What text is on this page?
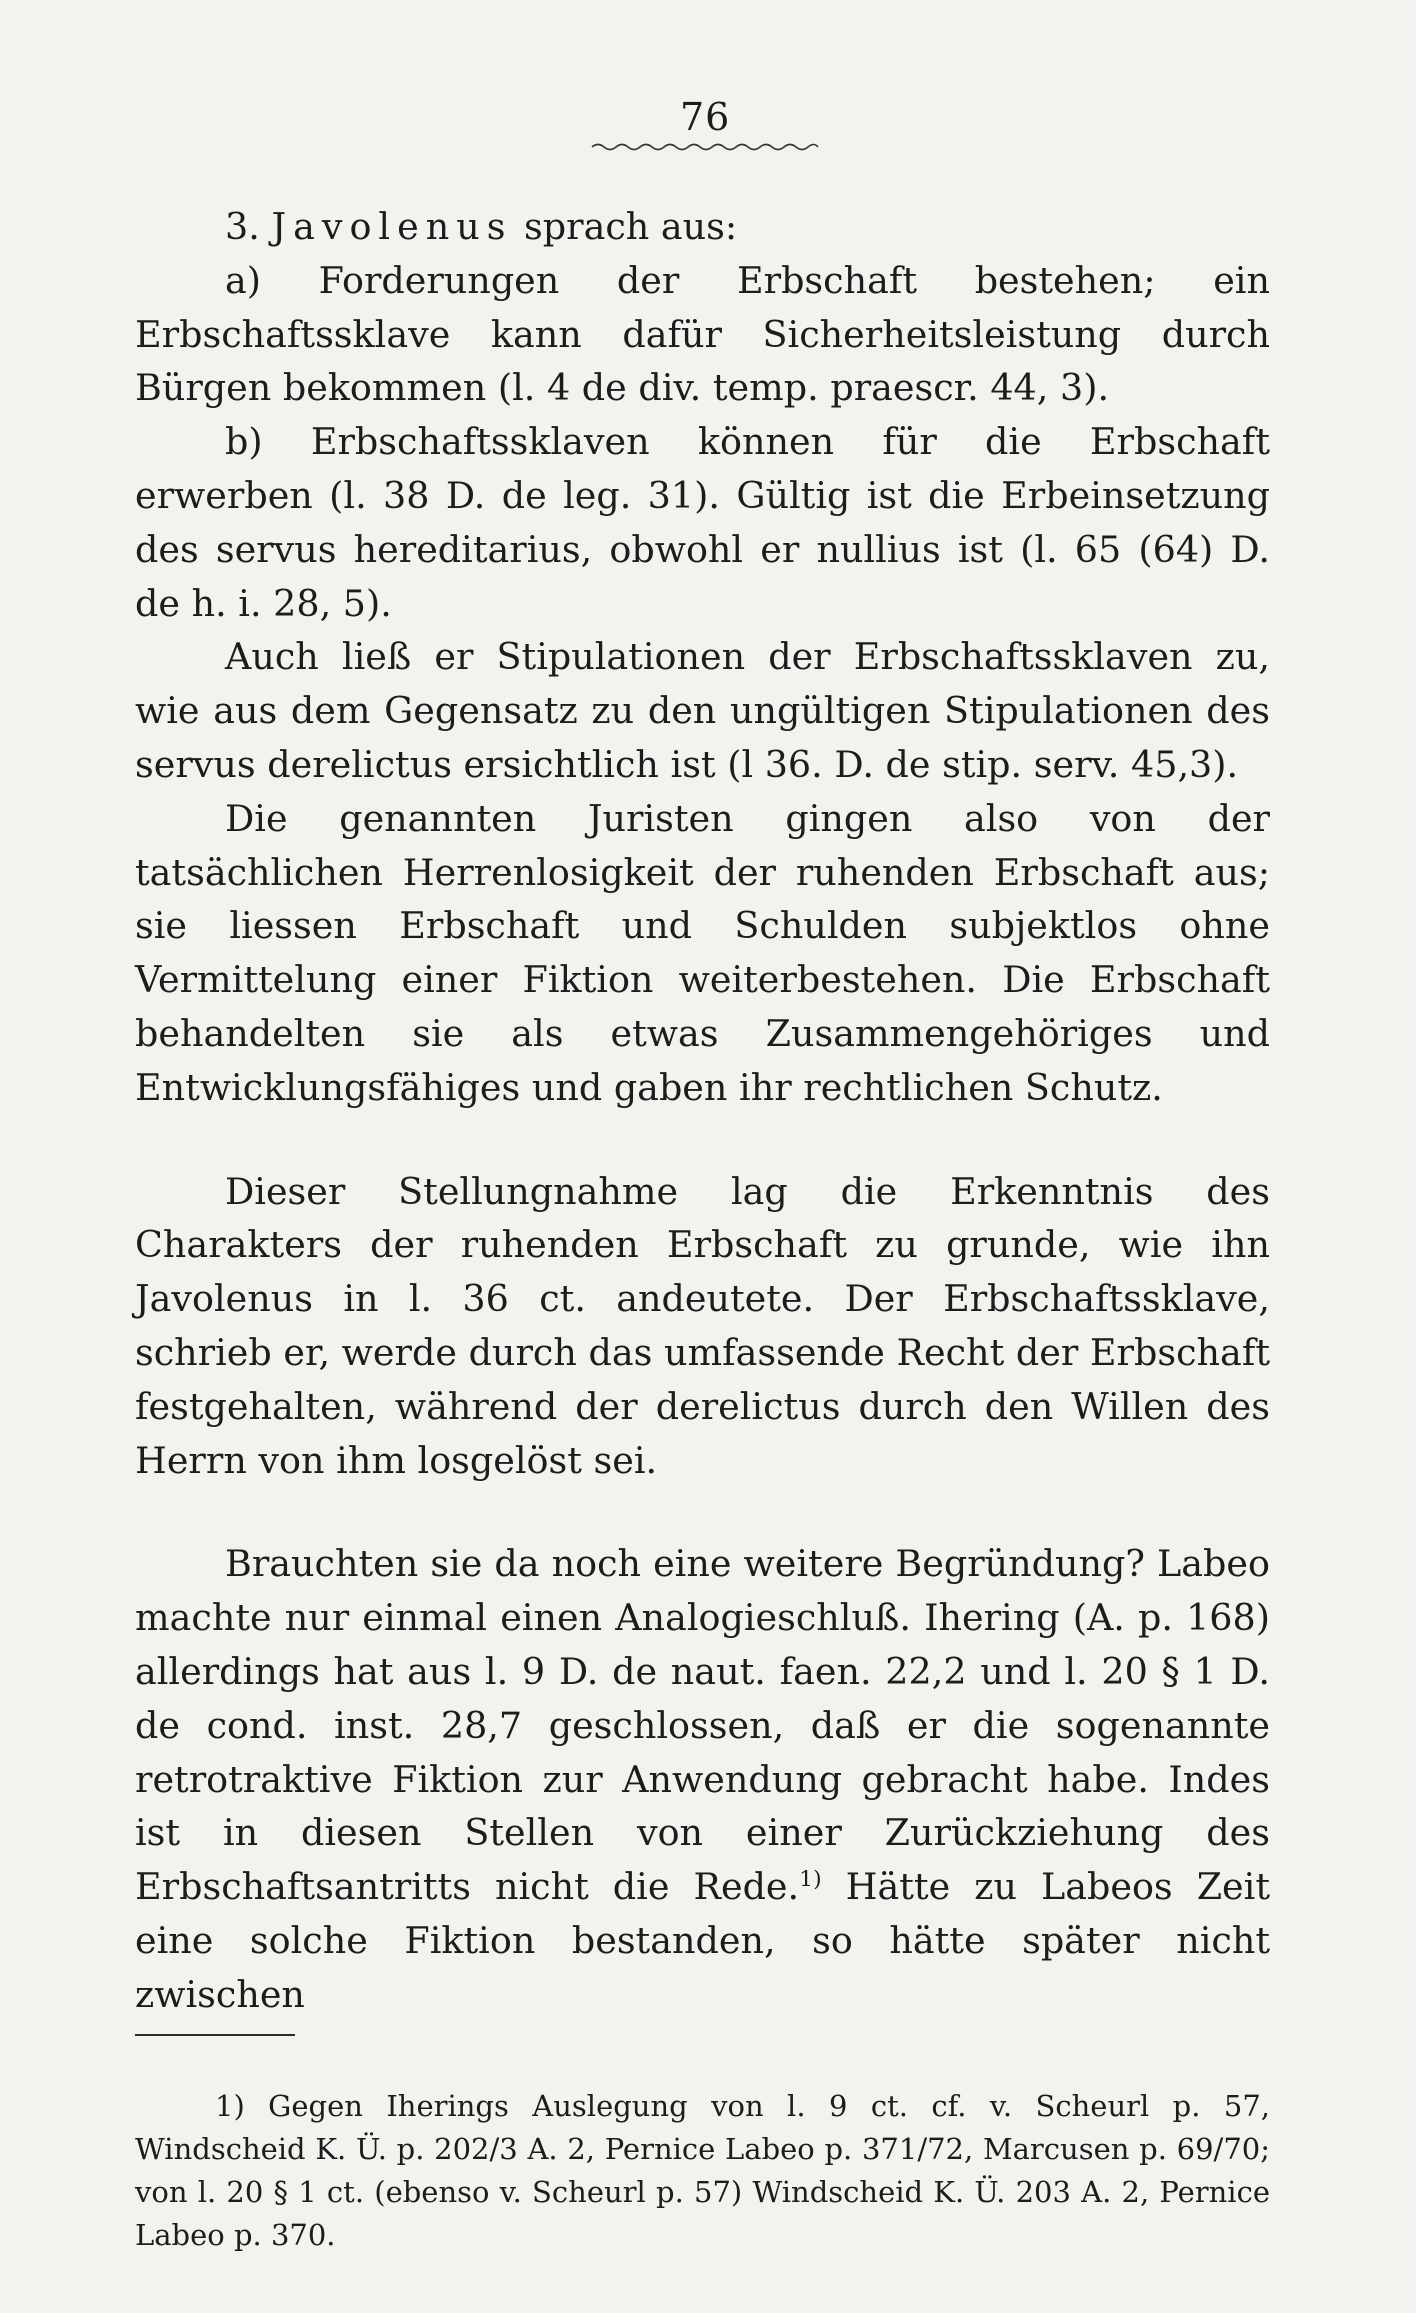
76

3. Javolenus sprach aus:

a) Forderungen der Erbschaft bestehen; ein Erbschaftssklave kann dafür Sicherheitsleistung durch Bürgen bekommen (l. 4 de div. temp. praescr. 44, 3).

b) Erbschaftssklaven können für die Erbschaft erwerben (l. 38 D. de leg. 31). Gültig ist die Erbeinsetzung des servus hereditarius, obwohl er nullius ist (l. 65 (64) D. de h. i. 28, 5).

Auch ließ er Stipulationen der Erbschaftssklaven zu, wie aus dem Gegensatz zu den ungültigen Stipulationen des servus derelictus ersichtlich ist (l 36. D. de stip. serv. 45,3).

Die genannten Juristen gingen also von der tatsächlichen Herrenlosigkeit der ruhenden Erbschaft aus; sie liessen Erbschaft und Schulden subjektlos ohne Vermittelung einer Fiktion weiterbestehen. Die Erbschaft behandelten sie als etwas Zusammengehöriges und Entwicklungsfähiges und gaben ihr rechtlichen Schutz.

Dieser Stellungnahme lag die Erkenntnis des Charakters der ruhenden Erbschaft zu grunde, wie ihn Javolenus in l. 36 ct. andeutete. Der Erbschaftssklave, schrieb er, werde durch das umfassende Recht der Erbschaft festgehalten, während der derelictus durch den Willen des Herrn von ihm losgelöst sei.

Brauchten sie da noch eine weitere Begründung? Labeo machte nur einmal einen Analogieschluß. Ihering (A. p. 168) allerdings hat aus l. 9 D. de naut. faen. 22,2 und l. 20 § 1 D. de cond. inst. 28,7 geschlossen, daß er die sogenannte retrotraktive Fiktion zur Anwendung gebracht habe. Indes ist in diesen Stellen von einer Zurückziehung des Erbschaftsantritts nicht die Rede.$^{1)}$ Hätte zu Labeos Zeit eine solche Fiktion bestanden, so hätte später nicht zwischen

1) Gegen Iherings Auslegung von l. 9 ct. cf. v. Scheurl p. 57, Windscheid K. Ü. p. 202/3 A. 2, Pernice Labeo p. 371/72, Marcusen p. 69/70; von l. 20 § 1 ct. (ebenso v. Scheurl p. 57) Windscheid K. Ü. 203 A. 2, Pernice Labeo p. 370.
